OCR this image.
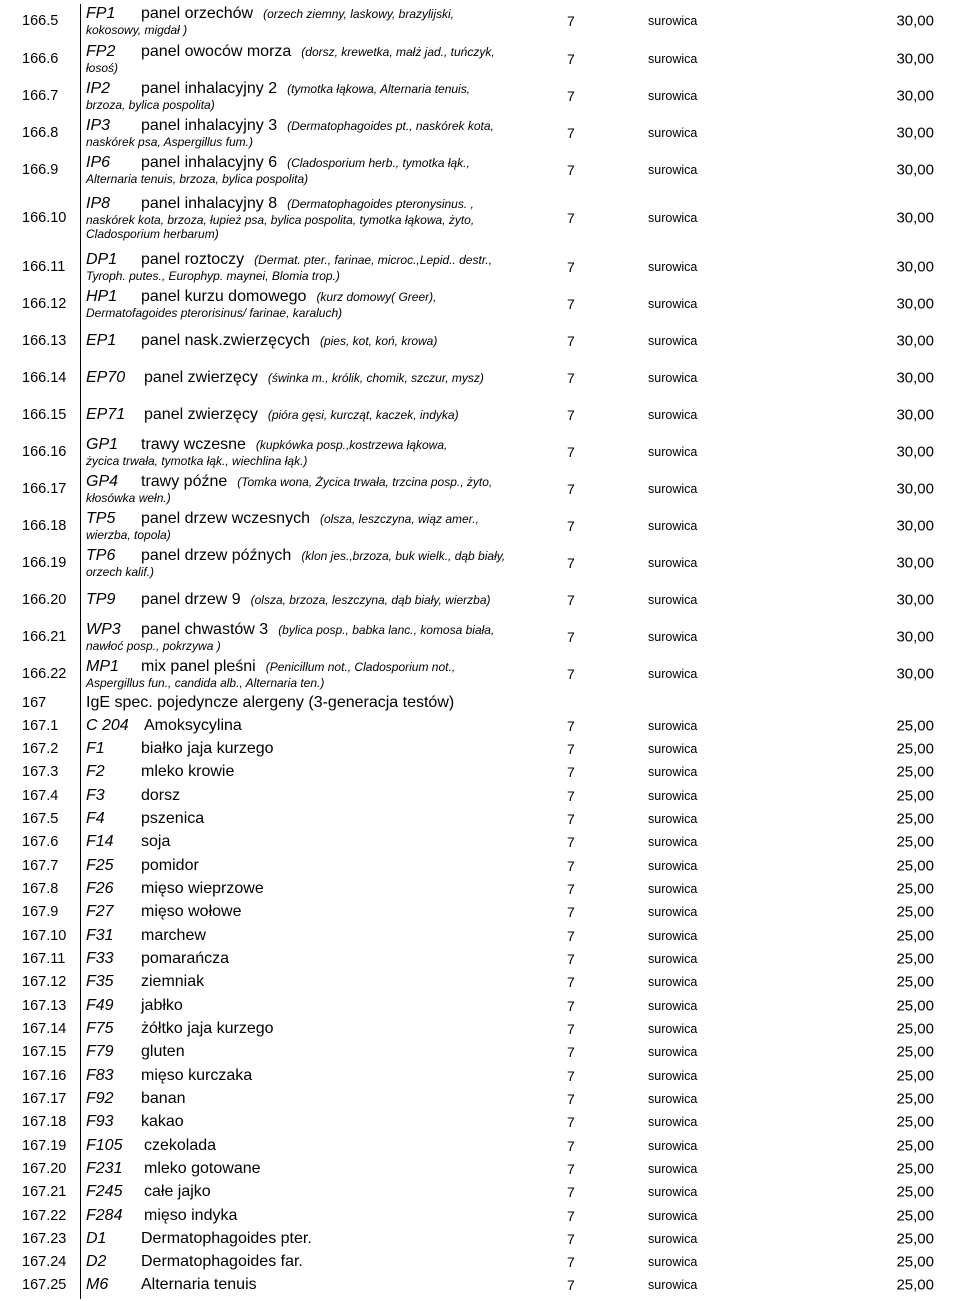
166.5 FP1 panel orzechów (orzech ziemny, laskowy, brazylijski,
kokosowy, migdał )
7	surowica	30,00
166.6 FP2 panel owoców morza (dorsz, krewetka, małż jad., tuńczyk,
łosoś)
7	surowica	30,00
166.7 IP2 panel inhalacyjny 2 (tymotka łąkowa, Alternaria tenuis,
brzoza, bylica pospolita)
7	surowica	30,00
166.8 IP3 panel inhalacyjny 3 (Dermatophagoides pt., naskórek kota,
naskórek psa, Aspergillus fum.)
7	surowica	30,00
166.9 IP6 panel inhalacyjny 6 (Cladosporium herb., tymotka łąk.,
Alternaria tenuis, brzoza, bylica pospolita)
7	surowica	30,00
166.10
IP8 panel inhalacyjny 8 (Dermatophagoides pteronysinus. ,
naskórek kota, brzoza, łupież psa, bylica pospolita, tymotka łąkowa, żyto,
Cladosporium herbarum)
7	surowica	30,00
166.11 DP1 panel roztoczy (Dermat. pter., farinae, microc.,Lepid.. destr.,
Tyroph. putes., Europhyp. maynei, Blomia trop.)
7	surowica	30,00
166.12 HP1 panel kurzu domowego (kurz domowy( Greer),
Dermatofagoides pterorisinus/ farinae, karaluch)
7	surowica	30,00
166.13 EP1 panel nask.zwierzęcych (pies, kot, koń, krowa)	7	surowica	30,00
166.14 EP70 panel zwierzęcy (świnka m., królik, chomik, szczur, mysz)	7	surowica	30,00
166.15 EP71 panel zwierzęcy (pióra gęsi, kurcząt, kaczek, indyka)	7	surowica	30,00
166.16 GP1 trawy wczesne (kupkówka posp.,kostrzewa łąkowa,
życica trwała, tymotka łąk., wiechlina łąk.)
7	surowica	30,00
166.17 GP4 trawy późne (Tomka wona, Życica trwała, trzcina posp., żyto,
kłosówka wełn.)
7	surowica	30,00
166.18 TP5 panel drzew wczesnych (olsza, leszczyna, wiąz amer.,
wierzba, topola)
7	surowica	30,00
166.19 TP6 panel drzew późnych (klon jes.,brzoza, buk wielk., dąb biały,
orzech kalif.)
7	surowica	30,00
166.20 TP9 panel drzew 9 (olsza, brzoza, leszczyna, dąb biały, wierzba)	7	surowica	30,00
166.21 WP3 panel chwastów 3 (bylica posp., babka lanc., komosa biała,
nawłoć posp., pokrzywa )
7	surowica	30,00
166.22 MP1 mix panel pleśni (Penicillum not., Cladosporium not.,
Aspergillus fun., candida alb., Alternaria ten.)
7	surowica	30,00
167 IgE spec. pojedyncze alergeny (3-generacja testów)
167.1 C 204 Amoksycylina	7	surowica	25,00
167.2 F1 białko jaja kurzego	7	surowica	25,00
167.3 F2 mleko krowie	7	surowica	25,00
167.4 F3 dorsz	7	surowica	25,00
167.5 F4 pszenica	7	surowica	25,00
167.6 F14 soja	7	surowica	25,00
167.7 F25 pomidor	7	surowica	25,00
167.8 F26 mięso wieprzowe	7	surowica	25,00
167.9 F27 mięso wołowe	7	surowica	25,00
167.10 F31 marchew	7	surowica	25,00
167.11 F33 pomarańcza	7	surowica	25,00
167.12 F35 ziemniak	7	surowica	25,00
167.13 F49 jabłko	7	surowica	25,00
167.14 F75 żółtko jaja kurzego	7	surowica	25,00
167.15 F79 gluten	7	surowica	25,00
167.16 F83 mięso kurczaka	7	surowica	25,00
167.17 F92 banan	7	surowica	25,00
167.18 F93 kakao	7	surowica	25,00
167.19 F105 czekolada	7	surowica	25,00
167.20 F231 mleko gotowane	7	surowica	25,00
167.21 F245 całe jajko	7	surowica	25,00
167.22 F284 mięso indyka	7	surowica	25,00
167.23 D1 Dermatophagoides pter.	7	surowica	25,00
167.24 D2 Dermatophagoides far.	7	surowica	25,00
167.25 M6 Alternaria tenuis	7	surowica	25,00
